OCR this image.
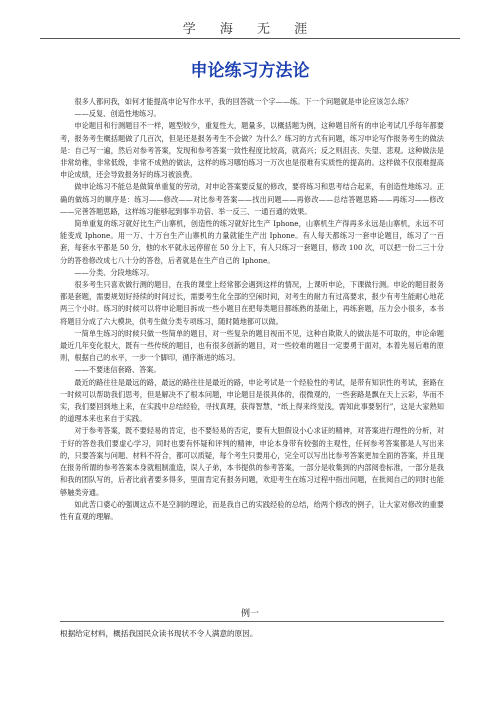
学 海 无 涯
申论练习方法论

很多人都问我，如何才能提高申论写作水平，我的回答就一个字——练。下一个问题就是申论应该怎么练？

——反复、创造性地练习。

申论题目和行测题目不一样，题型较少，重复性大，题量多，以概括题为例，这种题目所有的申论考试几乎每年都要考，报务考生概括题做了几百次，但是还是报务考生不会做？为什么？练习的方式有问题，练习申论写作报务考生的做法是：自己写一遍，然后对参考答案，发现和参考答案一致性程度比较高，就高兴；反之则沮丧、失望、悲观。这种做法是非常幼稚，非常低级，非常不成熟的做法，这样的练习哪怕练习一万次也是很难有实质性的提高的。这样做不仅很难提高申论成绩，还会导致报务好的练习被浪费。

做申论练习不能总是做简单重复的劳动，对申论答案要反复的修改，要将练习和思考结合起来，有创造性地练习。正确的做练习的顺序是：练习——修改——对比参考答案——找出问题——再修改——总结答题思路——再练习——修改——完善答题思路，这样练习能够起到事半功倍、举一反三、一通百通的效果。

简单重复的练习就好比生产山寨机，创造性的练习就好比生产 Iphone，山寨机生产得再多永远是山寨机，永远不可能变成 Iphone。用一万、十万台生产山寨机的力量就能生产出 Iphone。有人每天都练习一套申论题目，练习了一百套，每套水平都是 50 分，他的水平就永远停留在 50 分上下，有人只练习一套题目，修改 100 次，可以把一份二三十分分的答卷修改成七八十分的答卷，后者就是在生产自己的 Iphone。

——分类、分段地练习。

很多考生只喜欢做行测的题目，在我的课堂上经常都会遇到这样的情况，上课听申论，下课做行测。申论的题目报务都是套题，需要规划好持续的时间过长，需要考生化全部的空闲时间，对考生的耐力有过高要求，报少有考生能耐心地花两三个小时。练习的时候可以将申论题目拆成一些小题目在把每类题目都练熟的基础上，再练套题，压力会小很多，本书将题目分成了六大模块，供考生做分类专项练习，随时随地都可以做。

一简单生练习的时候只做一些简单的题目，对一些复杂的题目视而不见，这种自欺欺人的做法是不可取的，申论命题最近几年变化很大，既有一些传统的题目，也有很多创新的题目，对一些较难的题目一定要勇于面对，本着先易后难的原则，根据自己的水平，一步一个脚印，循序渐进的练习。

——不要迷信套路、答案。

最近的路往往是最远的路，最远的路往往是最近的路，申论考试是一个经验性的考试，是带有知识性的考试，套路在一时候可以帮助我们思考，但是解决不了根本问题，申论题目是很具体的，很微观的，一些套路是飘在天上云彩，华而不实，我们要回到地上来，在实践中总结经验，寻找真理，获得智慧，“纸上得来终觉浅，需知此事要躬行”，这是大家熟知的道理本来也来自于实践。

对于参考答案，既不要轻易的肯定，也不要轻易的否定，要有大胆假设小心求证的精神，对答案进行理性的分析，对于好的答卷我们要虚心学习，同时也要有怀疑和评判的精神，申论本身带有较强的主观性，任何参考答案都是人写出来的，只要答案与问题、材料不符合，都可以质疑，每个考生只要用心，完全可以写出比参考答案更加全面的答案，并且现在报务所谓的参考答案本身就粗制滥造，误人子弟，本书提供的参考答案，一部分是收集到的内部阅卷标准，一部分是我和我的团队写的，后者比前者要多得多，里面肯定有报务问题，欢迎考生在练习过程中指出问题，在批阅自己的同时也能够触类旁通。

如此苦口婆心的强调这点不是空洞的理论，而是我自己的实践经验的总结，给两个修改的例子，让大家对修改的重要性有直观的理解。

例一
根据给定材料，概括我国民众读书现状不令人满意的原因。
